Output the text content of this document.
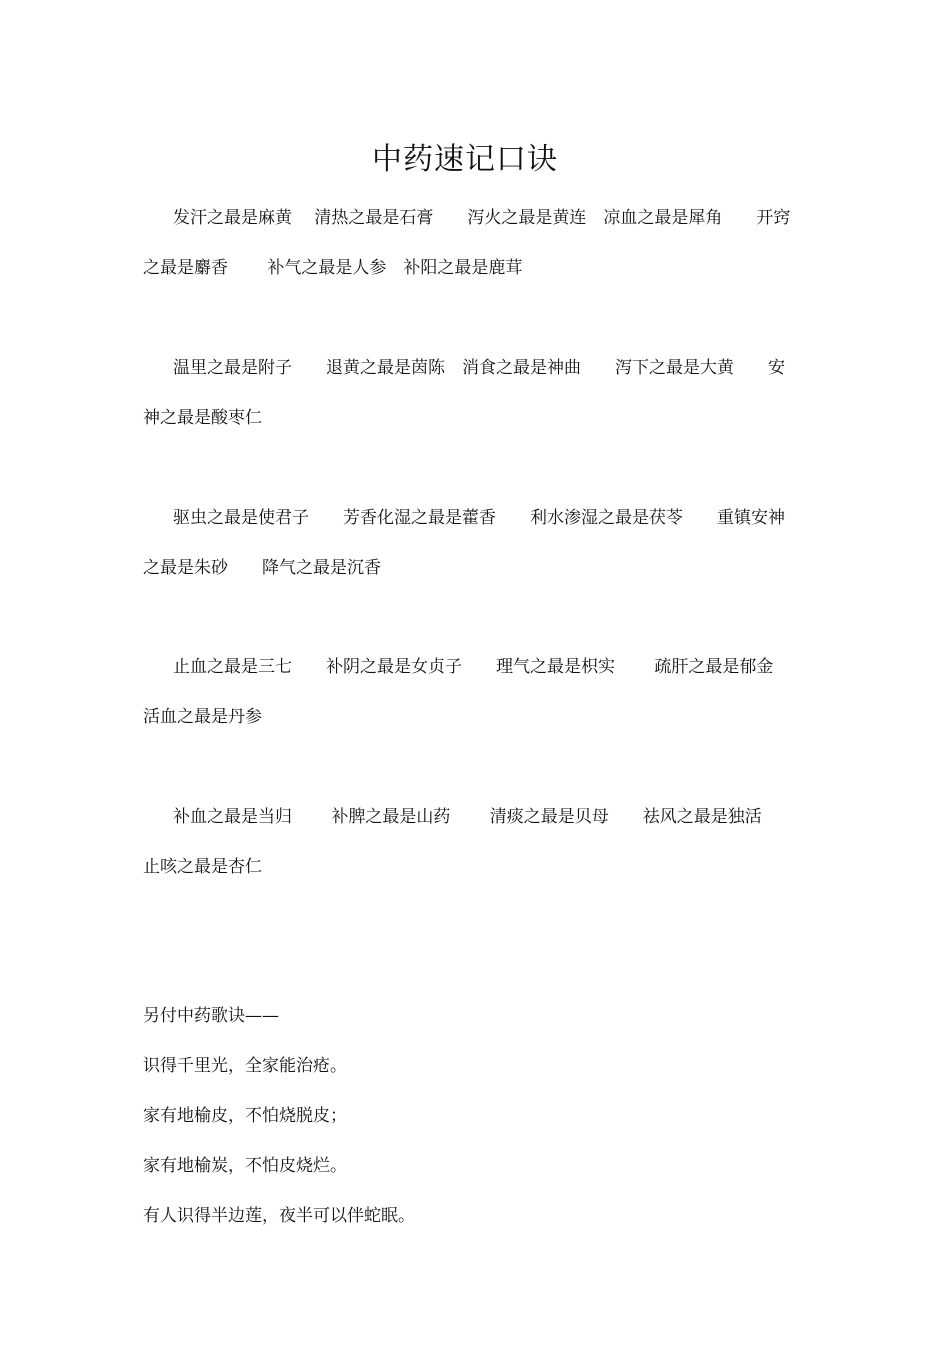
中药速记口诀
发汗之最是麻黄　 清热之最是石膏　　泻火之最是黄连　凉血之最是犀角　　开窍
之最是麝香　　 补气之最是人参　补阳之最是鹿茸
温里之最是附子　　退黄之最是茵陈　消食之最是神曲　　泻下之最是大黄　　安
神之最是酸枣仁
驱虫之最是使君子　　芳香化湿之最是藿香　　利水渗湿之最是茯苓　　重镇安神
之最是朱砂　　降气之最是沉香
止血之最是三七　　补阴之最是女贞子　　理气之最是枳实　　 疏肝之最是郁金
活血之最是丹参
补血之最是当归　　 补脾之最是山药　　 清痰之最是贝母　　祛风之最是独活
止咳之最是杏仁
另付中药歌诀——
识得千里光，全家能治疮。
家有地榆皮，不怕烧脱皮；
家有地榆炭，不怕皮烧烂。
有人识得半边莲，夜半可以伴蛇眠。
